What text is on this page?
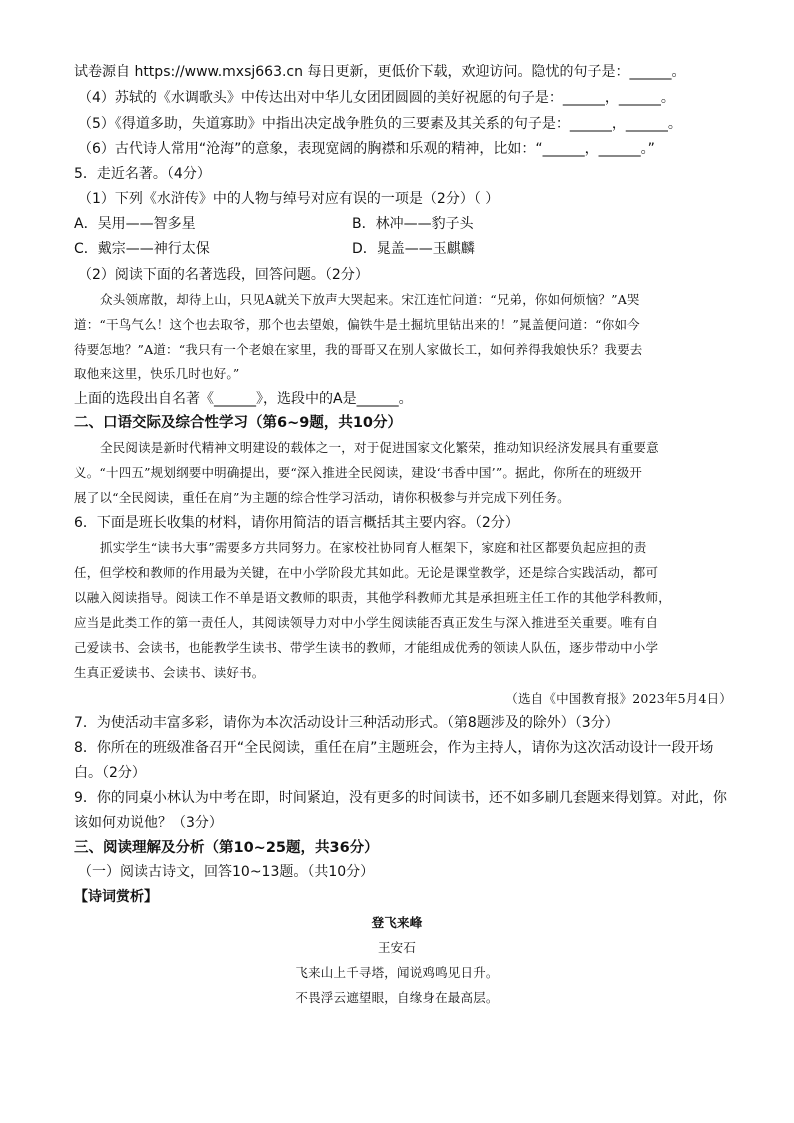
试卷源自 https://www.mxsj663.cn 每日更新，更低价下载，欢迎访问。隐忧的句子是：______。
（4）苏轼的《水调歌头》中传达出对中华儿女团团圆圆的美好祝愿的句子是：______，______。
（5）《得道多助，失道寡助》中指出决定战争胜负的三要素及其关系的句子是：______，______。
（6）古代诗人常用“沧海”的意象，表现宽阔的胸襟和乐观的精神，比如：“______，______。”
5．走近名著。（4分）
（1）下列《水浒传》中的人物与绰号对应有误的一项是（2分）（ ）
A．吴用——智多星	B．林冲——豹子头
C．戴宗——神行太保	D．晁盖——玉麒麟
（2）阅读下面的名著选段，回答问题。（2分）
众头领席散，却待上山，只见A就关下放声大哭起来。宋江连忙问道：“兄弟，你如何烦恼？”A哭
道：“干鸟气么！这个也去取爷，那个也去望娘，偏铁牛是土掘坑里钻出来的！”晁盖便问道：“你如今
待要怎地？”A道：“我只有一个老娘在家里，我的哥哥又在别人家做长工，如何养得我娘快乐？我要去
取他来这里，快乐几时也好。”
上面的选段出自名著《______》，选段中的A是______。
二、口语交际及综合性学习（第6~9题，共10分）
全民阅读是新时代精神文明建设的载体之一，对于促进国家文化繁荣，推动知识经济发展具有重要意
义。“十四五”规划纲要中明确提出，要“深入推进全民阅读，建设‘书香中国’”。据此，你所在的班级开
展了以“全民阅读，重任在肩”为主题的综合性学习活动，请你积极参与并完成下列任务。
6．下面是班长收集的材料，请你用简洁的语言概括其主要内容。（2分）
抓实学生“读书大事”需要多方共同努力。在家校社协同育人框架下，家庭和社区都要负起应担的责
任，但学校和教师的作用最为关键，在中小学阶段尤其如此。无论是课堂教学，还是综合实践活动，都可
以融入阅读指导。阅读工作不单是语文教师的职责，其他学科教师尤其是承担班主任工作的其他学科教师，
应当是此类工作的第一责任人，其阅读领导力对中小学生阅读能否真正发生与深入推进至关重要。唯有自
己爱读书、会读书，也能教学生读书、带学生读书的教师，才能组成优秀的领读人队伍，逐步带动中小学
生真正爱读书、会读书、读好书。
（选自《中国教育报》2023年5月4日）
7．为使活动丰富多彩，请你为本次活动设计三种活动形式。（第8题涉及的除外）（3分）
8．你所在的班级准备召开“全民阅读，重任在肩”主题班会，作为主持人，请你为这次活动设计一段开场
白。（2分）
9．你的同桌小林认为中考在即，时间紧迫，没有更多的时间读书，还不如多刷几套题来得划算。对此，你
该如何劝说他？（3分）
三、阅读理解及分析（第10~25题，共36分）
（一）阅读古诗文，回答10~13题。（共10分）
【诗词赏析】
登飞来峰
王安石
飞来山上千寻塔，闻说鸡鸣见日升。
不畏浮云遮望眼，自缘身在最高层。
